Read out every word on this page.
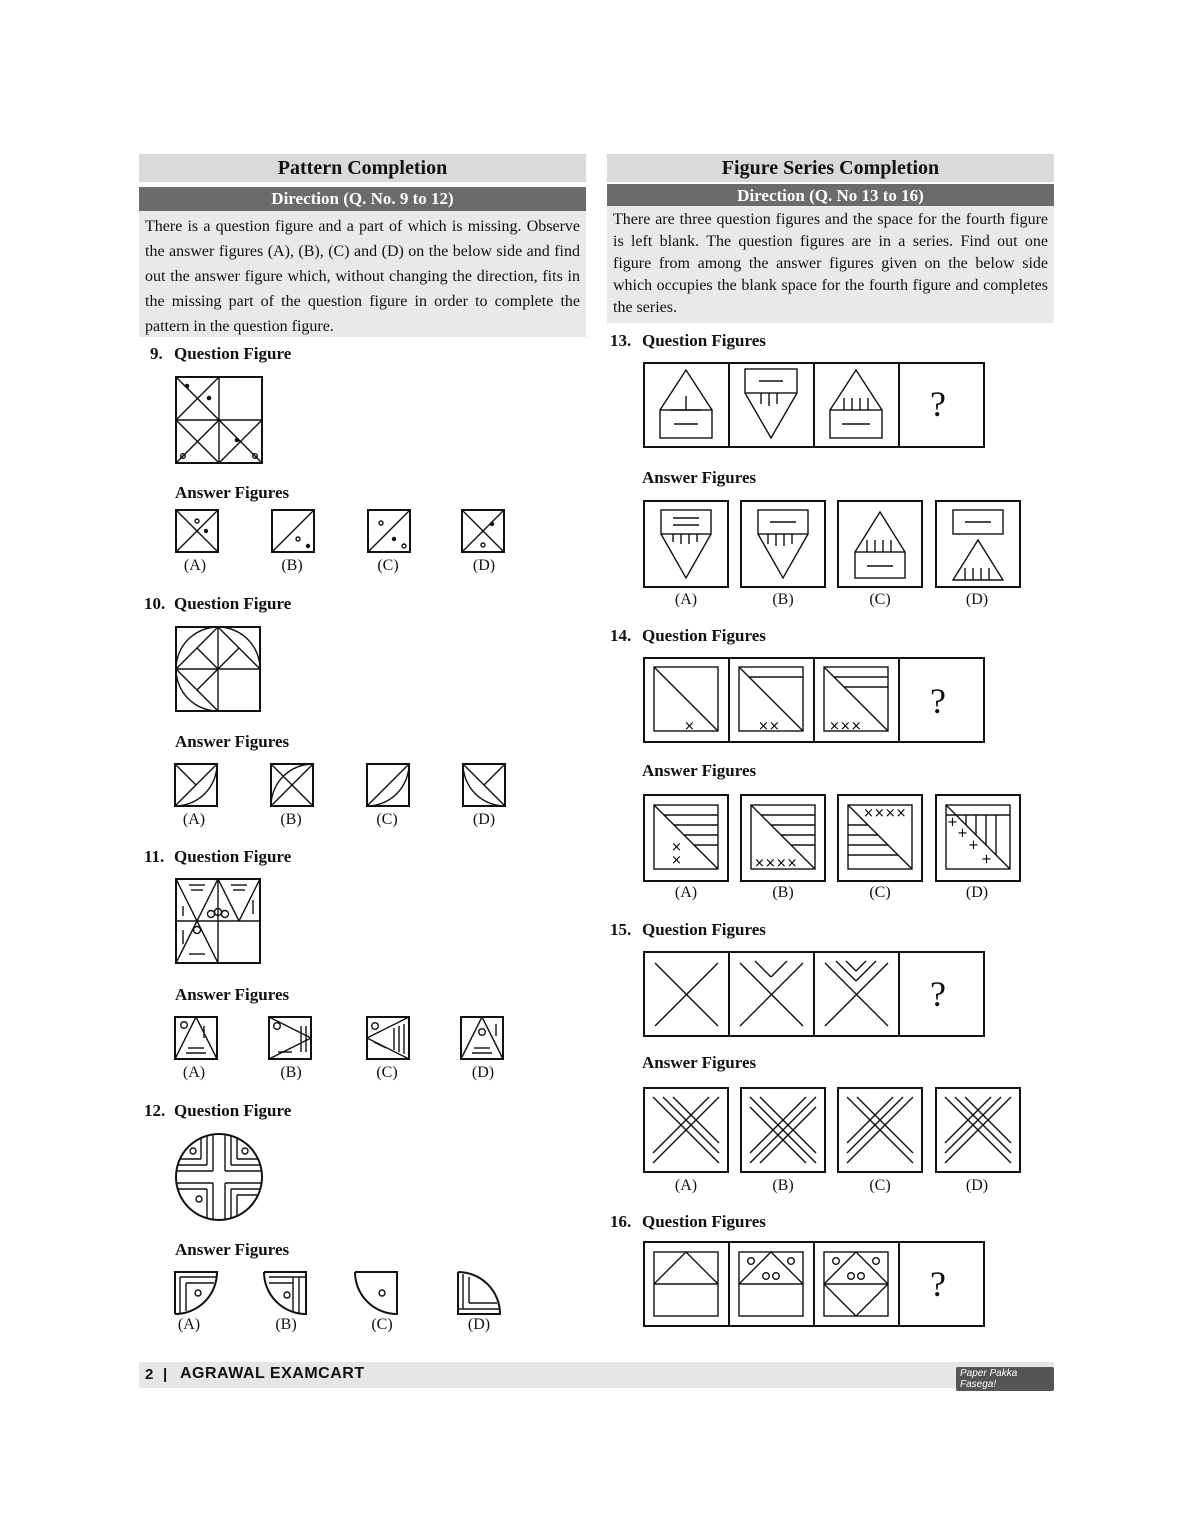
Pattern Completion
Direction (Q. No. 9 to 12)
There is a question figure and a part of which is missing. Observe the answer figures (A), (B), (C) and (D) on the below side and find out the answer figure which, without changing the direction, fits in the missing part of the question figure in order to complete the pattern in the question figure.
9. Question Figure
Answer Figures
(A)	(B)	(C)	(D)
10. Question Figure
Answer Figures
(A)	(B)	(C)	(D)
11. Question Figure
Answer Figures
(A)	(B)	(C)	(D)
12. Question Figure
Answer Figures
(A)	(B)	(C)	(D)
Figure Series Completion
Direction (Q. No 13 to 16)
There are three question figures and the space for the fourth figure is left blank. The question figures are in a series. Find out one figure from among the answer figures given on the below side which occupies the blank space for the fourth figure and completes the series.
13. Question Figures
?
Answer Figures
(A)	(B)	(C)	(D)
14. Question Figures
×	××	×××
?
Answer Figures
×
×	××××
××××
+
+
+
+
(A)	(B)	(C)	(D)
15. Question Figures
?
Answer Figures
(A)	(B)	(C)	(D)
16. Question Figures
?
2 | AGRAWAL EXAMCART	Paper Pakka Fasega!
